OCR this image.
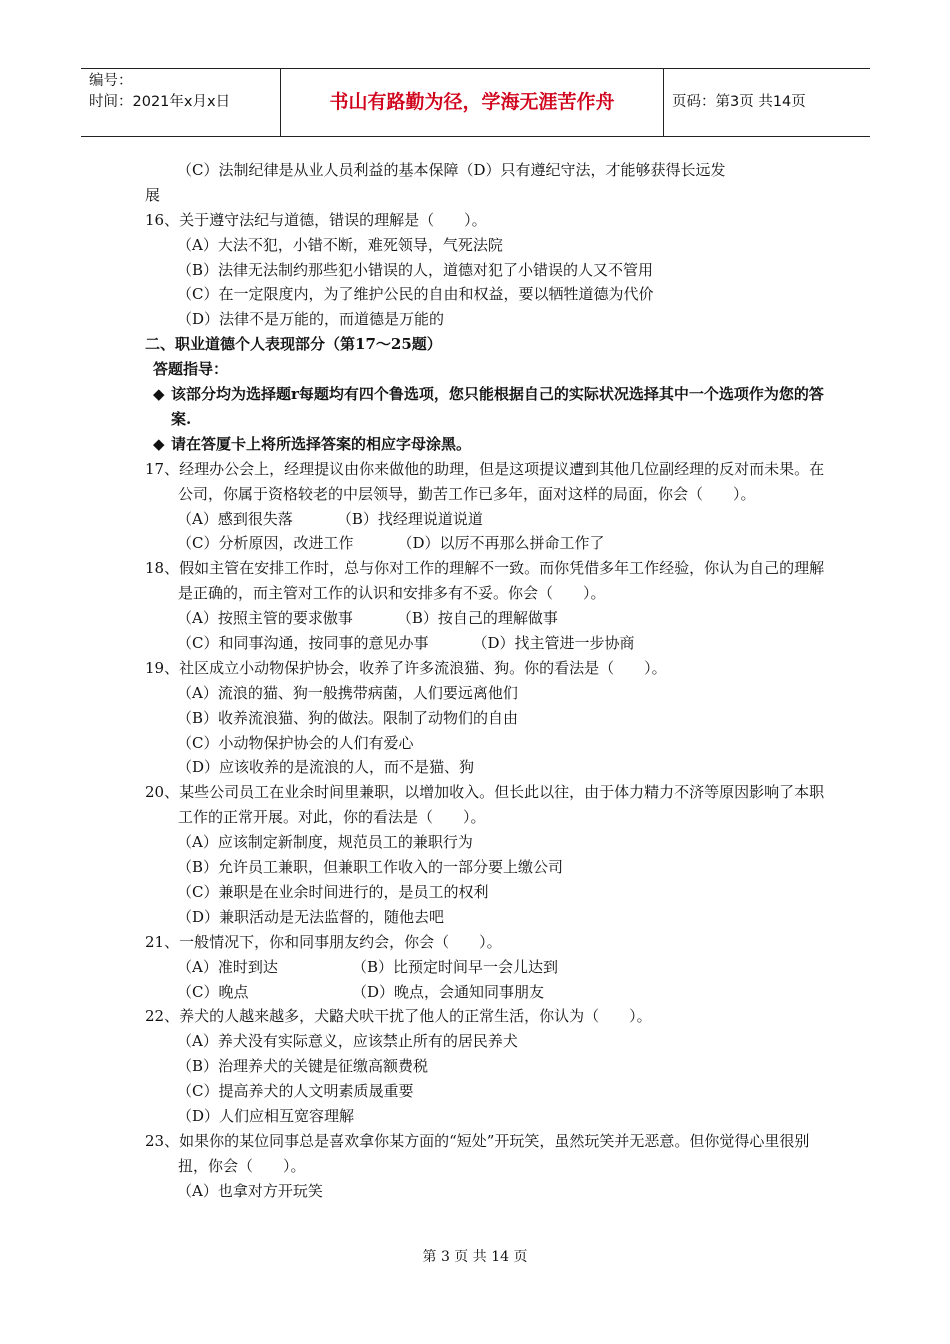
编号：
时间：2021年x月x日	书山有路勤为径，学海无涯苦作舟	页码：第3页 共14页
（C）法制纪律是从业人员利益的基本保障（D）只有遵纪守法，才能够获得长远发
展
16、关于遵守法纪与道德，错误的理解是（　　）。
（A）大法不犯，小错不断，难死领导，气死法院
（B）法律无法制约那些犯小错误的人，道德对犯了小错误的人又不管用
（C）在一定限度内，为了维护公民的自由和权益，要以牺牲道德为代价
（D）法律不是万能的，而道德是万能的
二、职业道德个人表现部分（第17～25题）
答题指导：
◆ 该部分均为选择题r每题均有四个鲁选项，您只能根据自己的实际状况选择其中一个选项作为您的答案.
◆ 请在答厦卡上将所选择答案的相应字母涂黑。
17、经理办公会上，经理提议由你来做他的助理，但是这项提议遭到其他几位副经理的反对而未果。在公司，你属于资格较老的中层领导，勤苦工作已多年，面对这样的局面，你会（　　）。
（A）感到很失落	（B）找经理说道说道
（C）分析原因，改进工作	（D）以厉不再那么拼命工作了
18、假如主管在安排工作时，总与你对工作的理解不一致。而你凭借多年工作经验，你认为自己的理解是正确的，而主管对工作的认识和安排多有不妥。你会（　　）。
（A）按照主管的要求傲事	（B）按自己的理解做事
（C）和同事沟通，按同事的意见办事	（D）找主管进一步协商
19、社区成立小动物保护协会，收养了许多流浪猫、狗。你的看法是（　　）。
（A）流浪的猫、狗一般携带病菌，人们要远离他们
（B）收养流浪猫、狗的做法。限制了动物们的自由
（C）小动物保护协会的人们有爱心
（D）应该收养的是流浪的人，而不是猫、狗
20、某些公司员工在业余时间里兼职，以增加收入。但长此以往，由于体力精力不济等原因影响了本职工作的正常开展。对此，你的看法是（　　）。
（A）应该制定新制度，规范员工的兼职行为
（B）允许员工兼职，但兼职工作收入的一部分要上缴公司
（C）兼职是在业余时间进行的，是员工的权利
（D）兼职活动是无法监督的，随他去吧
21、一般情况下，你和同事朋友约会，你会（　　）。
（A）准时到达	（B）比预定时间早一会儿达到
（C）晚点	（D）晚点，会通知同事朋友
22、养犬的人越来越多，犬䶅犬吠干扰了他人的正常生活，你认为（　　）。
（A）养犬没有实际意义，应该禁止所有的居民养犬
（B）治理养犬的关键是征缴高额费税
（C）提高养犬的人文明素质晟重要
（D）人们应相互宽容理解
23、如果你的某位同事总是喜欢拿你某方面的“短处”开玩笑，虽然玩笑并无恶意。但你觉得心里很别扭，你会（　　）。
（A）也拿对方开玩笑
第 3 页 共 14 页
